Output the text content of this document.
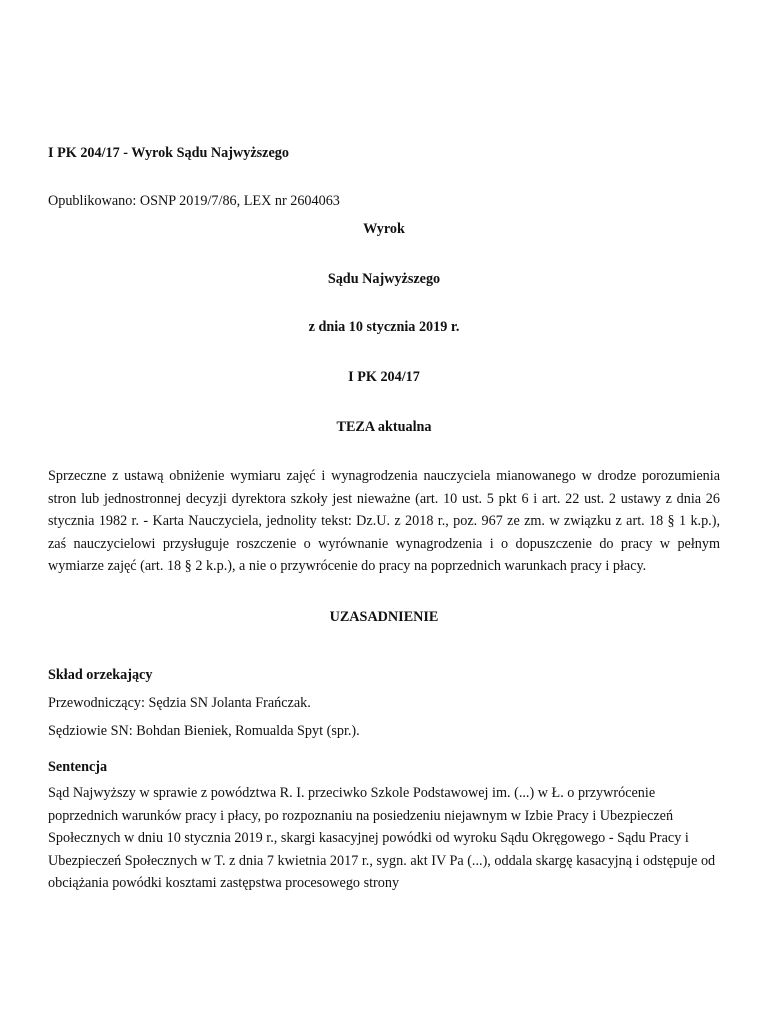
I PK 204/17 - Wyrok Sądu Najwyższego

Opublikowano: OSNP 2019/7/86, LEX nr 2604063

Wyrok

Sądu Najwyższego

z dnia 10 stycznia 2019 r.

I PK 204/17

TEZA aktualna

Sprzeczne z ustawą obniżenie wymiaru zajęć i wynagrodzenia nauczyciela mianowanego w drodze porozumienia stron lub jednostronnej decyzji dyrektora szkoły jest nieważne (art. 10 ust. 5 pkt 6 i art. 22 ust. 2 ustawy z dnia 26 stycznia 1982 r. - Karta Nauczyciela, jednolity tekst: Dz.U. z 2018 r., poz. 967 ze zm. w związku z art. 18 § 1 k.p.), zaś nauczycielowi przysługuje roszczenie o wyrównanie wynagrodzenia i o dopuszczenie do pracy w pełnym wymiarze zajęć (art. 18 § 2 k.p.), a nie o przywrócenie do pracy na poprzednich warunkach pracy i płacy.

UZASADNIENIE

Skład orzekający

Przewodniczący: Sędzia SN Jolanta Frańczak.

Sędziowie SN: Bohdan Bieniek, Romualda Spyt (spr.).

Sentencja

Sąd Najwyższy w sprawie z powództwa R. I. przeciwko Szkole Podstawowej im. (...) w Ł. o przywrócenie poprzednich warunków pracy i płacy, po rozpoznaniu na posiedzeniu niejawnym w Izbie Pracy i Ubezpieczeń Społecznych w dniu 10 stycznia 2019 r., skargi kasacyjnej powódki od wyroku Sądu Okręgowego - Sądu Pracy i Ubezpieczeń Społecznych w T. z dnia 7 kwietnia 2017 r., sygn. akt IV Pa (...), oddala skargę kasacyjną i odstępuje od obciążania powódki kosztami zastępstwa procesowego strony
